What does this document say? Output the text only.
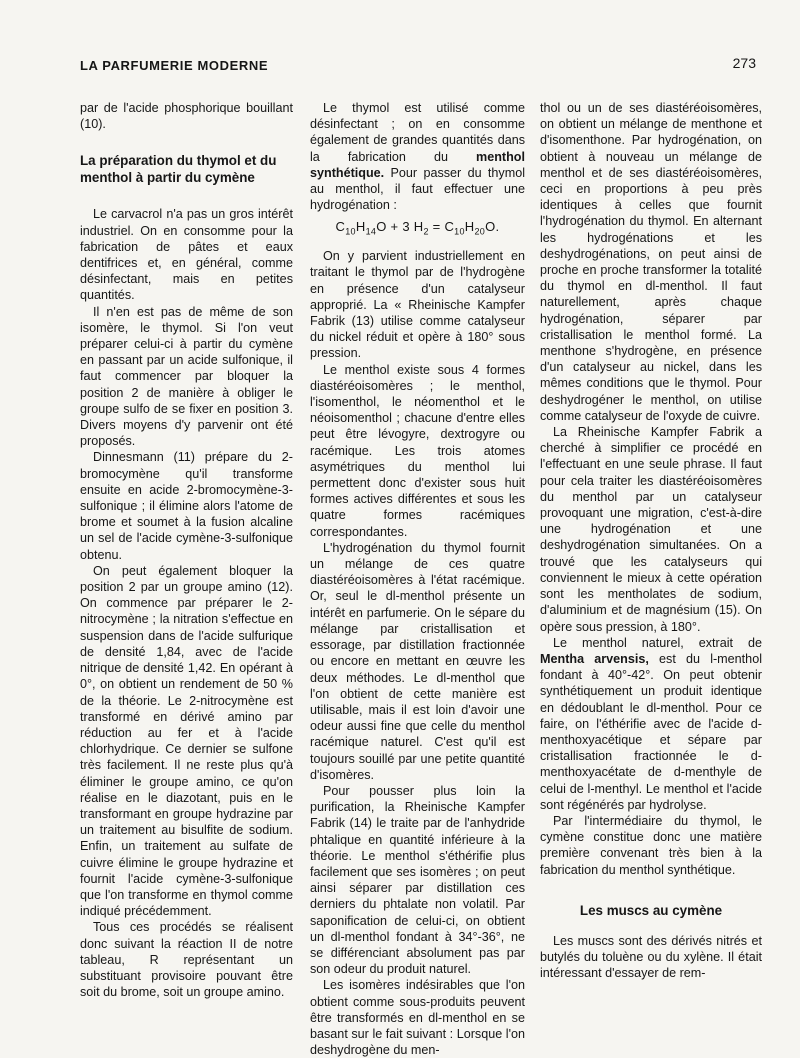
LA PARFUMERIE MODERNE	273

par de l'acide phosphorique bouillant (10).

La préparation du thymol et du menthol à partir du cymène

Le carvacrol n'a pas un gros intérêt industriel. On en consomme pour la fabrication de pâtes et eaux dentifrices et, en général, comme désinfectant, mais en petites quantités.

Il n'en est pas de même de son isomère, le thymol. Si l'on veut préparer celui-ci à partir du cymène en passant par un acide sulfonique, il faut commencer par bloquer la position 2 de manière à obliger le groupe sulfo de se fixer en position 3. Divers moyens d'y parvenir ont été proposés.

Dinnesmann (11) prépare du 2-bromocymène qu'il transforme ensuite en acide 2-bromocymène-3-sulfonique ; il élimine alors l'atome de brome et soumet à la fusion alcaline un sel de l'acide cymène-3-sulfonique obtenu.

On peut également bloquer la position 2 par un groupe amino (12). On commence par préparer le 2-nitrocymène ; la nitration s'effectue en suspension dans de l'acide sulfurique de densité 1,84, avec de l'acide nitrique de densité 1,42. En opérant à 0°, on obtient un rendement de 50 % de la théorie. Le 2-nitrocymène est transformé en dérivé amino par réduction au fer et à l'acide chlorhydrique. Ce dernier se sulfone très facilement. Il ne reste plus qu'à éliminer le groupe amino, ce qu'on réalise en le diazotant, puis en le transformant en groupe hydrazine par un traitement au bisulfite de sodium. Enfin, un traitement au sulfate de cuivre élimine le groupe hydrazine et fournit l'acide cymène-3-sulfonique que l'on transforme en thymol comme indiqué précédemment.

Tous ces procédés se réalisent donc suivant la réaction II de notre tableau, R représentant un substituant provisoire pouvant être soit du brome, soit un groupe amino.

Le thymol est utilisé comme désinfectant ; on en consomme également de grandes quantités dans la fabrication du menthol synthétique. Pour passer du thymol au menthol, il faut effectuer une hydrogénation :

$C_{10}H_{14}O + 3$ $H_2 = C_{10}H_{20}O$.

On y parvient industriellement en traitant le thymol par de l'hydrogène en présence d'un catalyseur approprié. La « Rheinische Kampfer Fabrik (13) utilise comme catalyseur du nickel réduit et opère à 180° sous pression.

Le menthol existe sous 4 formes diastéréoisomères ; le menthol, l'isomenthol, le néomenthol et le néoisomenthol ; chacune d'entre elles peut être lévogyre, dextrogyre ou racémique. Les trois atomes asymétriques du menthol lui permettent donc d'exister sous huit formes actives différentes et sous les quatre formes racémiques correspondantes.

L'hydrogénation du thymol fournit un mélange de ces quatre diastéréoisomères à l'état racémique. Or, seul le dl-menthol présente un intérêt en parfumerie. On le sépare du mélange par cristallisation et essorage, par distillation fractionnée ou encore en mettant en œuvre les deux méthodes. Le dl-menthol que l'on obtient de cette manière est utilisable, mais il est loin d'avoir une odeur aussi fine que celle du menthol racémique naturel. C'est qu'il est toujours souillé par une petite quantité d'isomères.

Pour pousser plus loin la purification, la Rheinische Kampfer Fabrik (14) le traite par de l'anhydride phtalique en quantité inférieure à la théorie. Le menthol s'éthérifie plus facilement que ses isomères ; on peut ainsi séparer par distillation ces derniers du phtalate non volatil. Par saponification de celui-ci, on obtient un dl-menthol fondant à 34°-36°, ne se différenciant absolument pas par son odeur du produit naturel.

Les isomères indésirables que l'on obtient comme sous-produits peuvent être transformés en dl-menthol en se basant sur le fait suivant : Lorsque l'on deshydrogène du men-

thol ou un de ses diastéréoisomères, on obtient un mélange de menthone et d'isomenthone. Par hydrogénation, on obtient à nouveau un mélange de menthol et de ses diastéréoisomères, ceci en proportions à peu près identiques à celles que fournit l'hydrogénation du thymol. En alternant les hydrogénations et les deshydrogénations, on peut ainsi de proche en proche transformer la totalité du thymol en dl-menthol. Il faut naturellement, après chaque hydrogénation, séparer par cristallisation le menthol formé. La menthone s'hydrogène, en présence d'un catalyseur au nickel, dans les mêmes conditions que le thymol. Pour deshydrogéner le menthol, on utilise comme catalyseur de l'oxyde de cuivre.

La Rheinische Kampfer Fabrik a cherché à simplifier ce procédé en l'effectuant en une seule phrase. Il faut pour cela traiter les diastéréoisomères du menthol par un catalyseur provoquant une migration, c'est-à-dire une hydrogénation et une deshydrogénation simultanées. On a trouvé que les catalyseurs qui conviennent le mieux à cette opération sont les mentholates de sodium, d'aluminium et de magnésium (15). On opère sous pression, à 180°.

Le menthol naturel, extrait de Mentha arvensis, est du l-menthol fondant à 40°-42°. On peut obtenir synthétiquement un produit identique en dédoublant le dl-menthol. Pour ce faire, on l'éthérifie avec de l'acide d-menthoxyacétique et sépare par cristallisation fractionnée le d-menthoxyacétate de d-menthyle de celui de l-menthyl. Le menthol et l'acide sont régénérés par hydrolyse.

Par l'intermédiaire du thymol, le cymène constitue donc une matière première convenant très bien à la fabrication du menthol synthétique.

Les muscs au cymène

Les muscs sont des dérivés nitrés et butylés du toluène ou du xylène. Il était intéressant d'essayer de rem-
